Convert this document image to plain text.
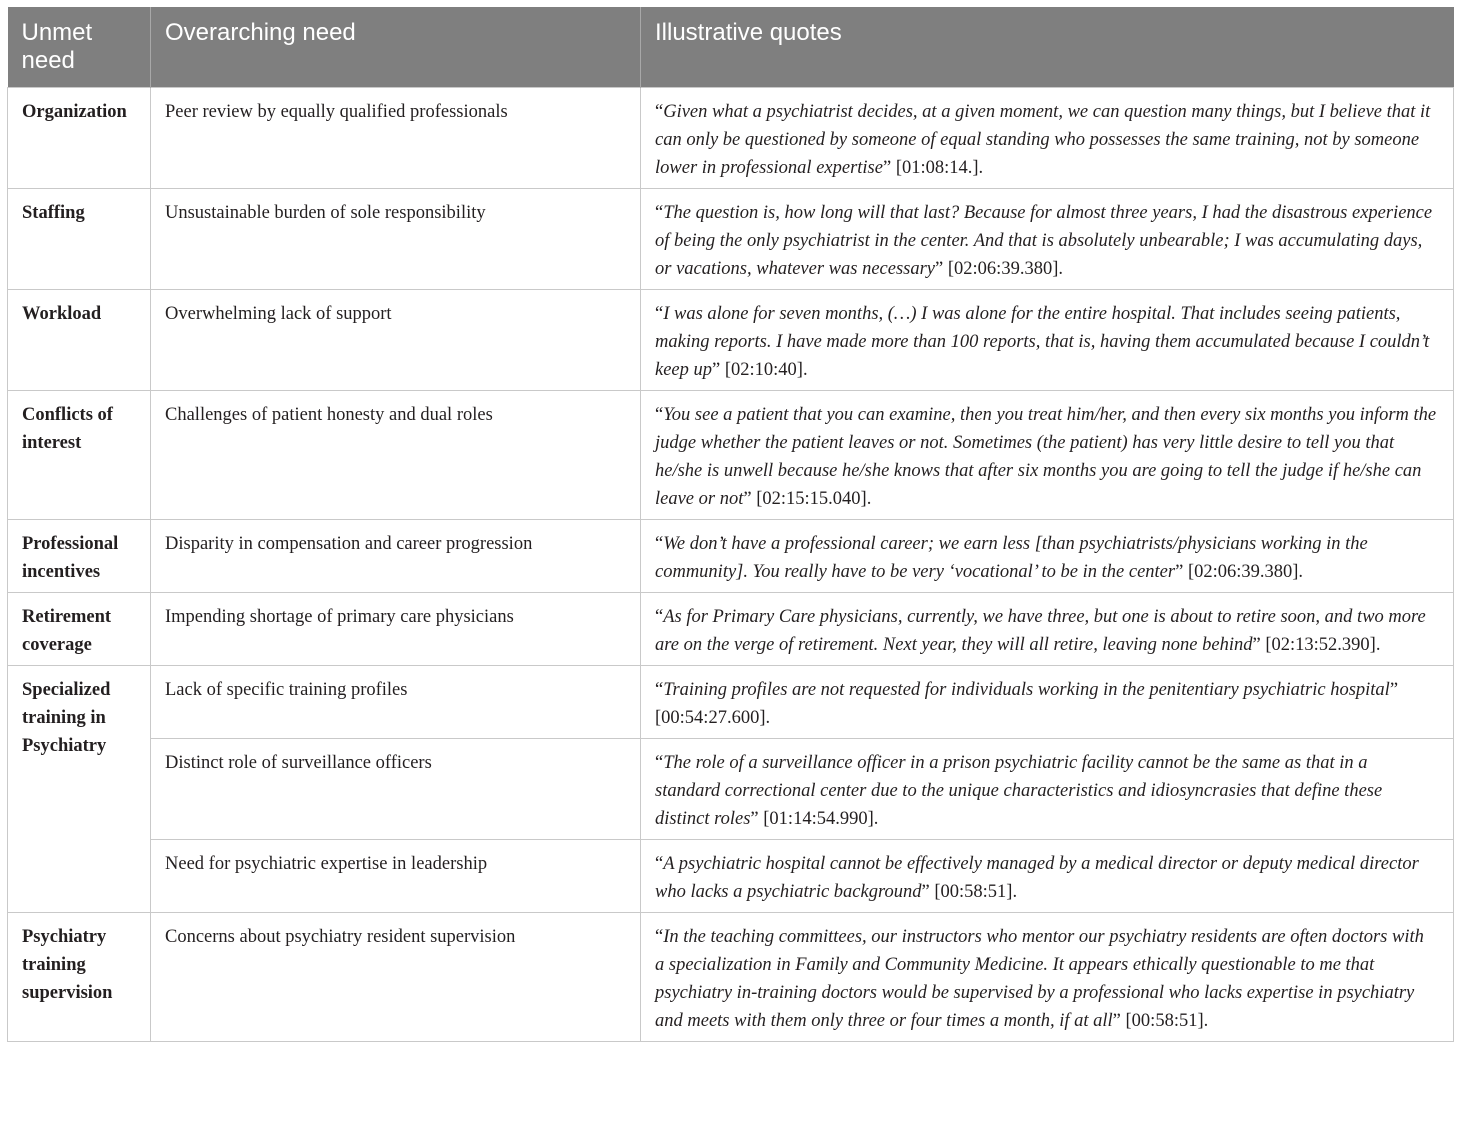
Unmet need	Overarching need	Illustrative quotes
Organization	Peer review by equally qualified professionals	“Given what a psychiatrist decides, at a given moment, we can question many things, but I believe that it can only be questioned by someone of equal standing who possesses the same training, not by someone lower in professional expertise” [01:08:14.].
Staffing	Unsustainable burden of sole responsibility	“The question is, how long will that last? Because for almost three years, I had the disastrous experience of being the only psychiatrist in the center. And that is absolutely unbearable; I was accumulating days, or vacations, whatever was necessary” [02:06:39.380].
Workload	Overwhelming lack of support	“I was alone for seven months, (…) I was alone for the entire hospital. That includes seeing patients, making reports. I have made more than 100 reports, that is, having them accumulated because I couldn’t keep up” [02:10:40].
Conflicts of interest	Challenges of patient honesty and dual roles	“You see a patient that you can examine, then you treat him/her, and then every six months you inform the judge whether the patient leaves or not. Sometimes (the patient) has very little desire to tell you that he/she is unwell because he/she knows that after six months you are going to tell the judge if he/she can leave or not” [02:15:15.040].
Professional incentives	Disparity in compensation and career progression	“We don’t have a professional career; we earn less [than psychiatrists/physicians working in the community]. You really have to be very ‘vocational’ to be in the center” [02:06:39.380].
Retirement coverage	Impending shortage of primary care physicians	“As for Primary Care physicians, currently, we have three, but one is about to retire soon, and two more are on the verge of retirement. Next year, they will all retire, leaving none behind” [02:13:52.390].
Specialized training in Psychiatry	Lack of specific training profiles	“Training profiles are not requested for individuals working in the penitentiary psychiatric hospital” [00:54:27.600].
	Distinct role of surveillance officers	“The role of a surveillance officer in a prison psychiatric facility cannot be the same as that in a standard correctional center due to the unique characteristics and idiosyncrasies that define these distinct roles” [01:14:54.990].
	Need for psychiatric expertise in leadership	“A psychiatric hospital cannot be effectively managed by a medical director or deputy medical director who lacks a psychiatric background” [00:58:51].
Psychiatry training supervision	Concerns about psychiatry resident supervision	“In the teaching committees, our instructors who mentor our psychiatry residents are often doctors with a specialization in Family and Community Medicine. It appears ethically questionable to me that psychiatry in-training doctors would be supervised by a professional who lacks expertise in psychiatry and meets with them only three or four times a month, if at all” [00:58:51].
